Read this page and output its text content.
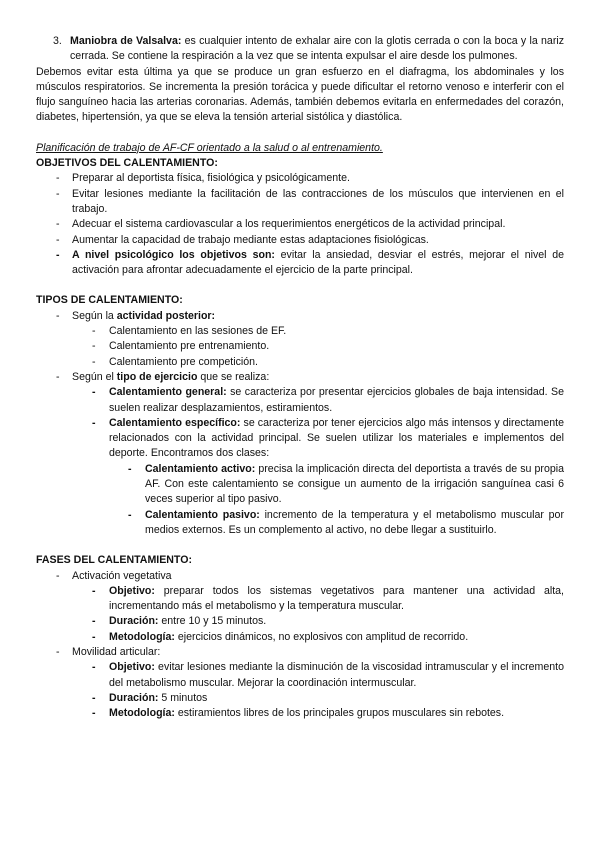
3. Maniobra de Valsalva: es cualquier intento de exhalar aire con la glotis cerrada o con la boca y la nariz cerrada. Se contiene la respiración a la vez que se intenta expulsar el aire desde los pulmones.
Debemos evitar esta última ya que se produce un gran esfuerzo en el diafragma, los abdominales y los músculos respiratorios. Se incrementa la presión torácica y puede dificultar el retorno venoso e interferir con el flujo sanguíneo hacia las arterias coronarias. Además, también debemos evitarla en enfermedades del corazón, diabetes, hipertensión, ya que se eleva la tensión arterial sistólica y diastólica.
Planificación de trabajo de AF-CF orientado a la salud o al entrenamiento.
OBJETIVOS DEL CALENTAMIENTO:
- Preparar al deportista física, fisiológica y psicológicamente.
- Evitar lesiones mediante la facilitación de las contracciones de los músculos que intervienen en el trabajo.
- Adecuar el sistema cardiovascular a los requerimientos energéticos de la actividad principal.
- Aumentar la capacidad de trabajo mediante estas adaptaciones fisiológicas.
- A nivel psicológico los objetivos son: evitar la ansiedad, desviar el estrés, mejorar el nivel de activación para afrontar adecuadamente el ejercicio de la parte principal.
TIPOS DE CALENTAMIENTO:
- Según la actividad posterior:
- Calentamiento en las sesiones de EF.
- Calentamiento pre entrenamiento.
- Calentamiento pre competición.
- Según el tipo de ejercicio que se realiza:
- Calentamiento general: se caracteriza por presentar ejercicios globales de baja intensidad. Se suelen realizar desplazamientos, estiramientos.
- Calentamiento específico: se caracteriza por tener ejercicios algo más intensos y directamente relacionados con la actividad principal. Se suelen utilizar los materiales e implementos del deporte. Encontramos dos clases:
- Calentamiento activo: precisa la implicación directa del deportista a través de su propia AF. Con este calentamiento se consigue un aumento de la irrigación sanguínea casi 6 veces superior al tipo pasivo.
- Calentamiento pasivo: incremento de la temperatura y el metabolismo muscular por medios externos. Es un complemento al activo, no debe llegar a sustituirlo.
FASES DEL CALENTAMIENTO:
- Activación vegetativa
- Objetivo: preparar todos los sistemas vegetativos para mantener una actividad alta, incrementando más el metabolismo y la temperatura muscular.
- Duración: entre 10 y 15 minutos.
- Metodología: ejercicios dinámicos, no explosivos con amplitud de recorrido.
- Movilidad articular:
- Objetivo: evitar lesiones mediante la disminución de la viscosidad intramuscular y el incremento del metabolismo muscular. Mejorar la coordinación intermuscular.
- Duración: 5 minutos
- Metodología: estiramientos libres de los principales grupos musculares sin rebotes.
